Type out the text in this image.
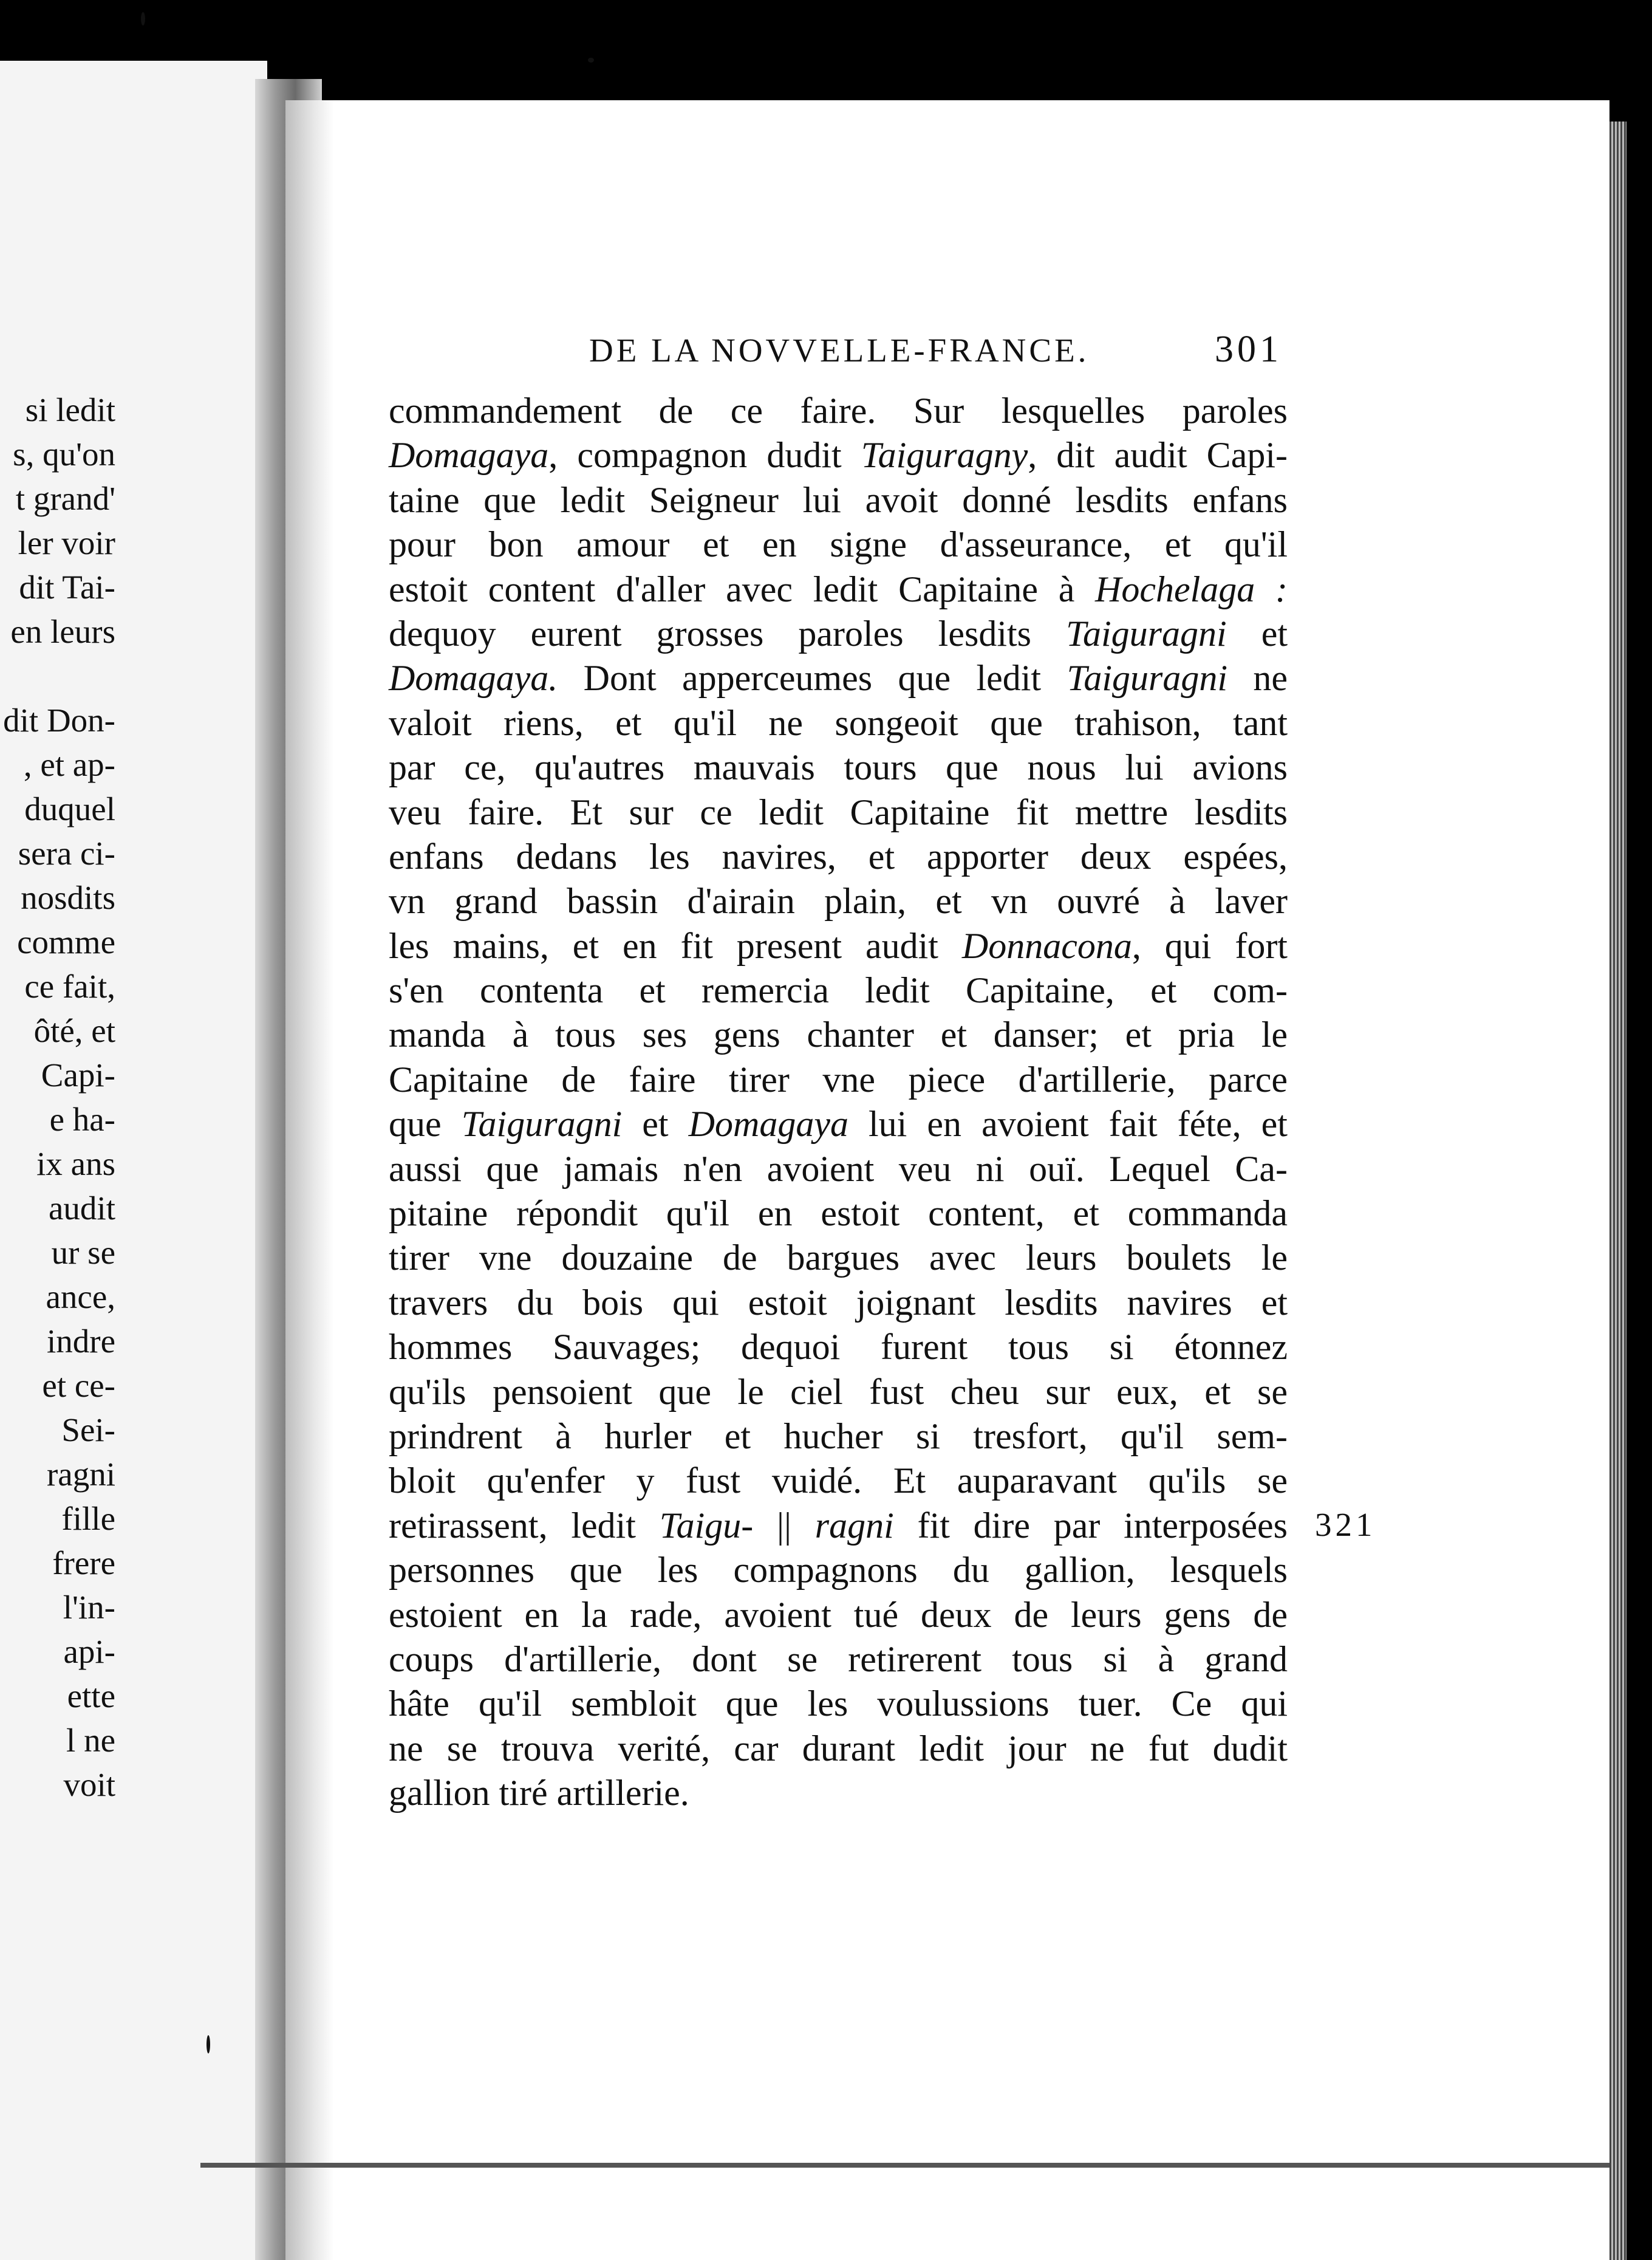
si ledit
s, qu'on
t grand'
ler voir
dit Tai-
en leurs
dit Don-
, et ap-
duquel
sera ci-
nosdits
comme
ce fait,
ôté, et
Capi-
e ha-
ix ans
audit
ur se
ance,
indre
et ce-
Sei-
ragni
fille
frere
l'in-
api-
ette
l ne
voit
DE LA NOVVELLE-FRANCE.	301
321
commandement de ce faire. Sur lesquelles paroles
Domagaya, compagnon dudit Taiguragny, dit audit Capi-
taine que ledit Seigneur lui avoit donné lesdits enfans
pour bon amour et en signe d'asseurance, et qu'il
estoit content d'aller avec ledit Capitaine à Hochelaga :
dequoy eurent grosses paroles lesdits Taiguragni et
Domagaya. Dont apperceumes que ledit Taiguragni ne
valoit riens, et qu'il ne songeoit que trahison, tant
par ce, qu'autres mauvais tours que nous lui avions
veu faire. Et sur ce ledit Capitaine fit mettre lesdits
enfans dedans les navires, et apporter deux espées,
vn grand bassin d'airain plain, et vn ouvré à laver
les mains, et en fit present audit Donnacona, qui fort
s'en contenta et remercia ledit Capitaine, et com-
manda à tous ses gens chanter et danser; et pria le
Capitaine de faire tirer vne piece d'artillerie, parce
que Taiguragni et Domagaya lui en avoient fait féte, et
aussi que jamais n'en avoient veu ni ouï. Lequel Ca-
pitaine répondit qu'il en estoit content, et commanda
tirer vne douzaine de bargues avec leurs boulets le
travers du bois qui estoit joignant lesdits navires et
hommes Sauvages; dequoi furent tous si étonnez
qu'ils pensoient que le ciel fust cheu sur eux, et se
prindrent à hurler et hucher si tresfort, qu'il sem-
bloit qu'enfer y fust vuidé. Et auparavant qu'ils se
retirassent, ledit Taigu- || ragni fit dire par interposées
personnes que les compagnons du gallion, lesquels
estoient en la rade, avoient tué deux de leurs gens de
coups d'artillerie, dont se retirerent tous si à grand
hâte qu'il sembloit que les voulussions tuer. Ce qui
ne se trouva verité, car durant ledit jour ne fut dudit
gallion tiré artillerie.
